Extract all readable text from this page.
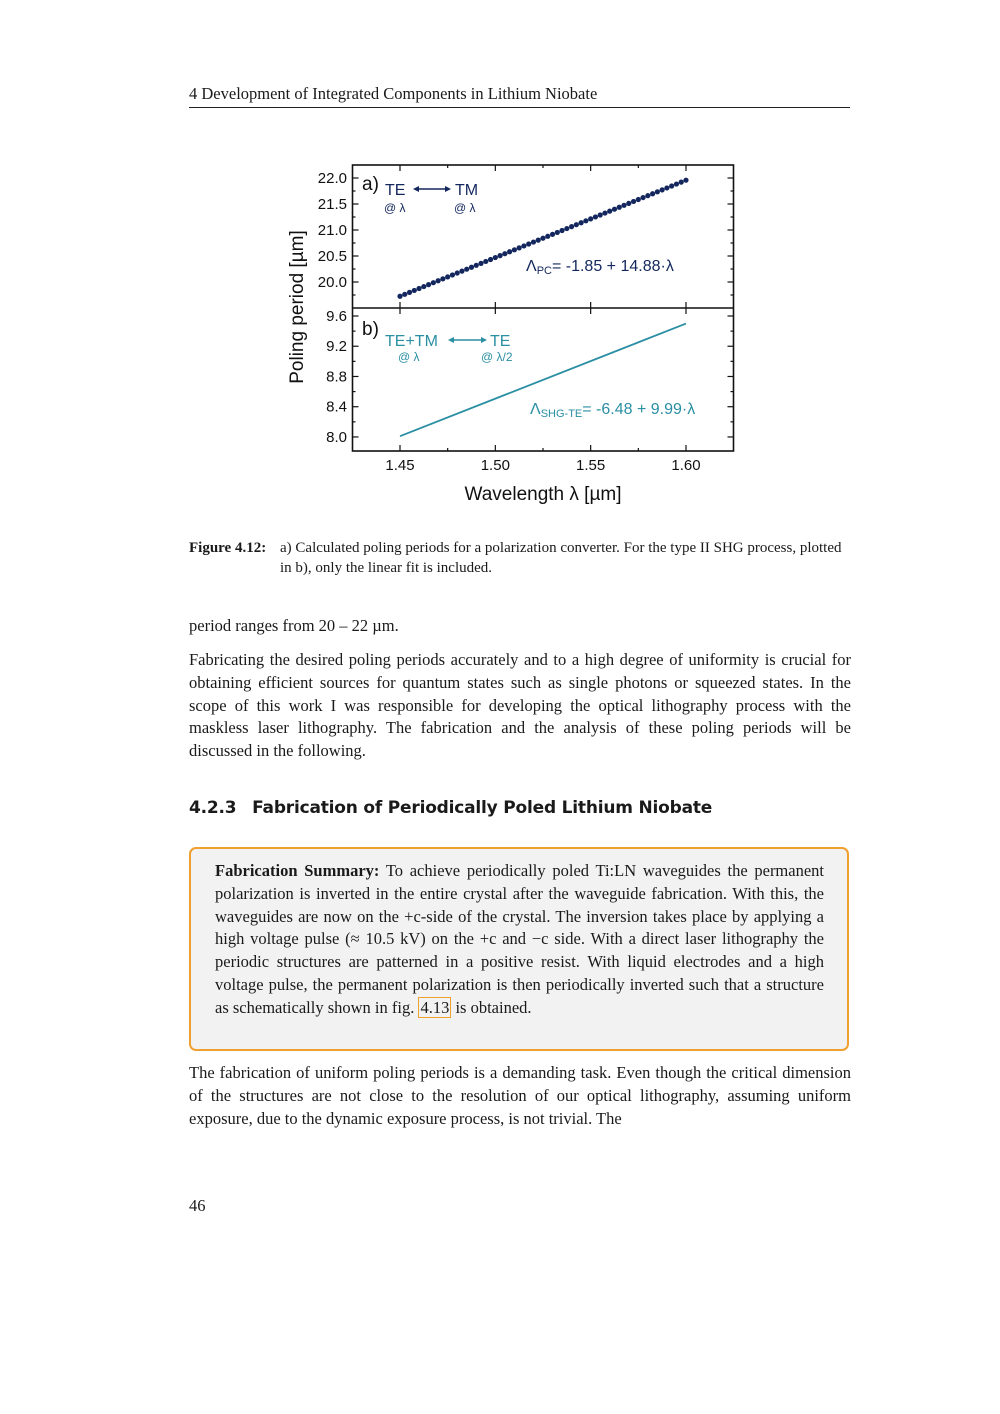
4 Development of Integrated Components in Lithium Niobate
1.45	1.50	1.55	1.60
20.0
20.5
21.0
21.5
22.0
8.0
8.4
8.8
9.2
9.6
Poling period [µm]
Wavelength λ [µm]
a) TE	TM
@ λ	@ λ
ΛPC= -1.85 + 14.88·λ
b)
TE+TM	TE
@ λ	@ λ/2
ΛSHG-TE= -6.48 + 9.99·λ
Figure 4.12: a) Calculated poling periods for a polarization converter. For the type II SHG process, plotted in b), only the linear fit is included.

period ranges from 20 – 22 µm.

Fabricating the desired poling periods accurately and to a high degree of uniformity is crucial for obtaining efficient sources for quantum states such as single photons or squeezed states. In the scope of this work I was responsible for developing the optical lithography process with the maskless laser lithography. The fabrication and the analysis of these poling periods will be discussed in the following.

4.2.3 Fabrication of Periodically Poled Lithium Niobate

Fabrication Summary: To achieve periodically poled Ti:LN waveguides the permanent polarization is inverted in the entire crystal after the waveguide fabrication. With this, the waveguides are now on the +c-side of the crystal. The inversion takes place by applying a high voltage pulse (≈ 10.5 kV) on the +c and −c side. With a direct laser lithography the periodic structures are patterned in a positive resist. With liquid electrodes and a high voltage pulse, the permanent polarization is then periodically inverted such that a structure as schematically shown in fig. 4.13 is obtained.

The fabrication of uniform poling periods is a demanding task. Even though the critical dimension of the structures are not close to the resolution of our optical lithography, assuming uniform exposure, due to the dynamic exposure process, is not trivial. The

46
